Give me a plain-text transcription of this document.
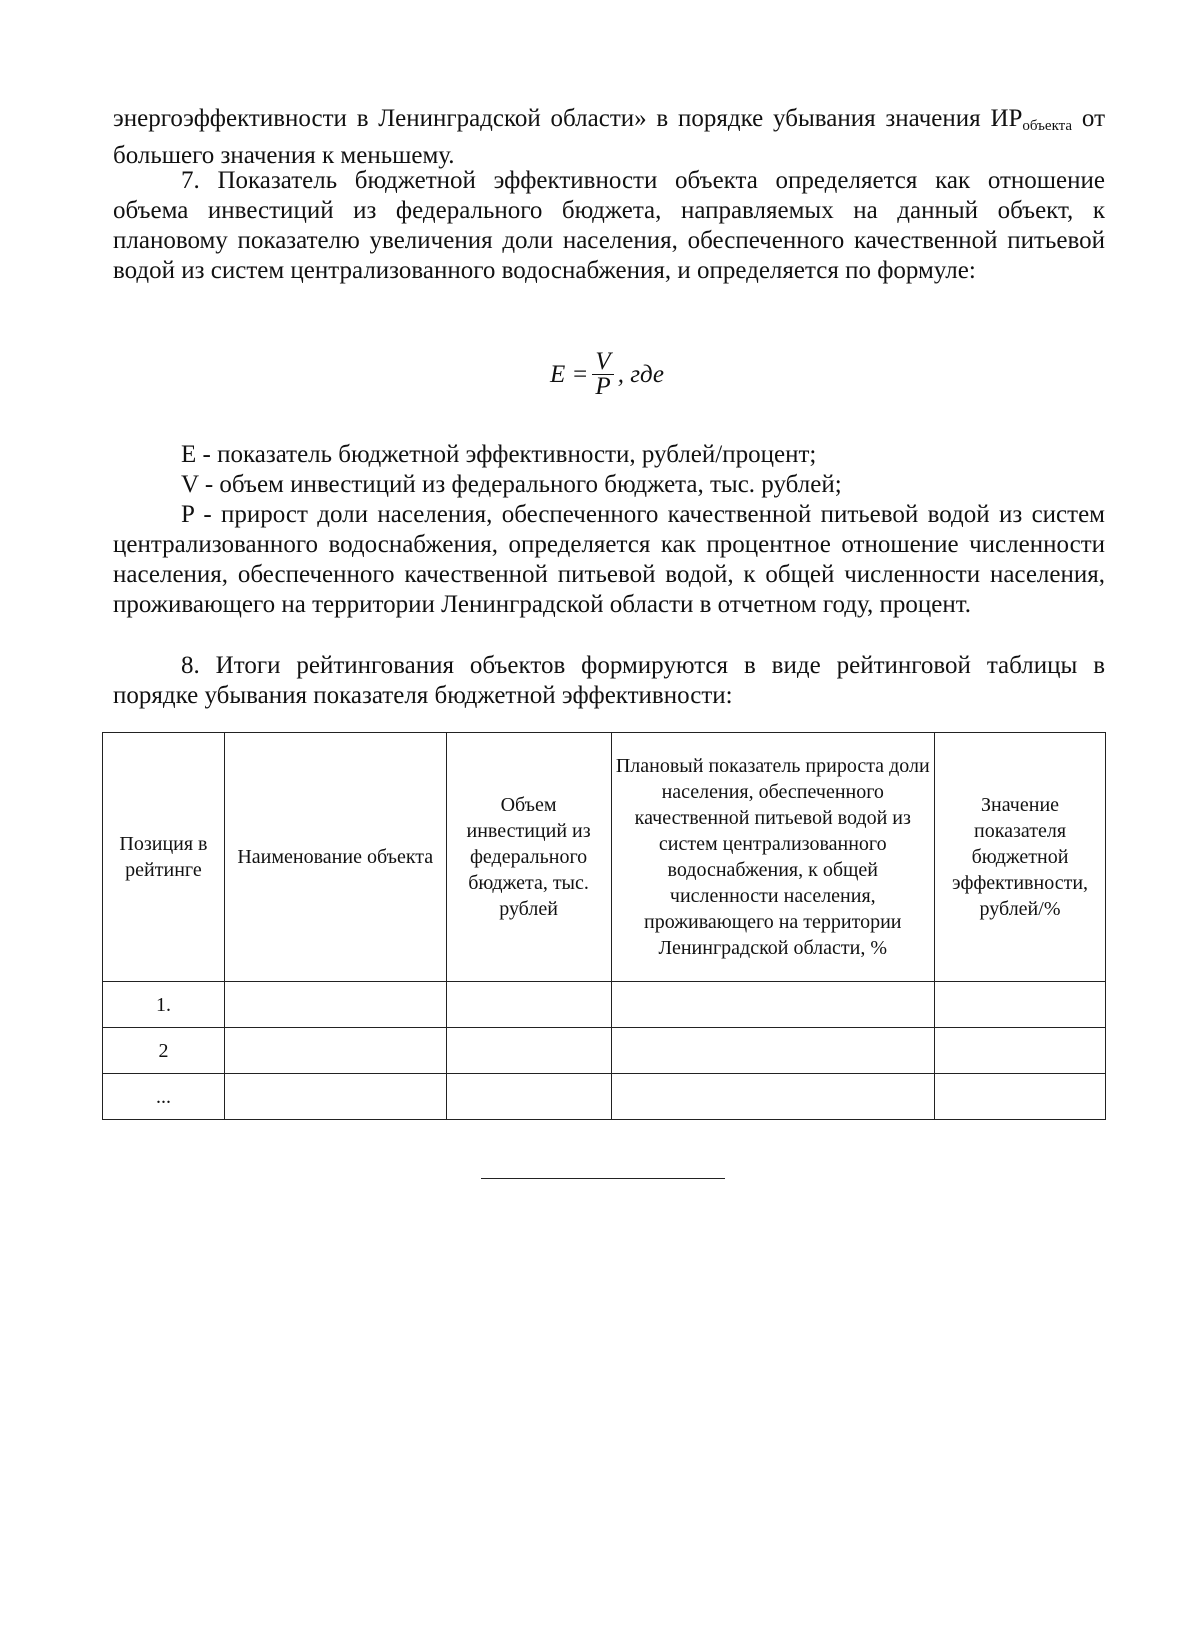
энергоэффективности в Ленинградской области» в порядке убывания значения $ИР_{объекта}$ от большего значения к меньшему.

7. Показатель бюджетной эффективности объекта определяется как отношение объема инвестиций из федерального бюджета, направляемых на данный объект, к плановому показателю увеличения доли населения, обеспеченного качественной питьевой водой из систем централизованного водоснабжения, и определяется по формуле:

$E = \frac{V}{P}$ , где

E - показатель бюджетной эффективности, рублей/процент;

V - объем инвестиций из федерального бюджета, тыс. рублей;

P - прирост доли населения, обеспеченного качественной питьевой водой из систем централизованного водоснабжения, определяется как процентное отношение численности населения, обеспеченного качественной питьевой водой, к общей численности населения, проживающего на территории Ленинградской области в отчетном году, процент.

8. Итоги рейтингования объектов формируются в виде рейтинговой таблицы в порядке убывания показателя бюджетной эффективности:

Позиция в рейтинге	Наименование объекта	Объем инвестиций из федерального бюджета, тыс. рублей	Плановый показатель прироста доли населения, обеспеченного качественной питьевой водой из систем централизованного водоснабжения, к общей численности населения, проживающего на территории Ленинградской области, %	Значение показателя бюджетной эффективности, рублей/%
1.				
2				
...				
